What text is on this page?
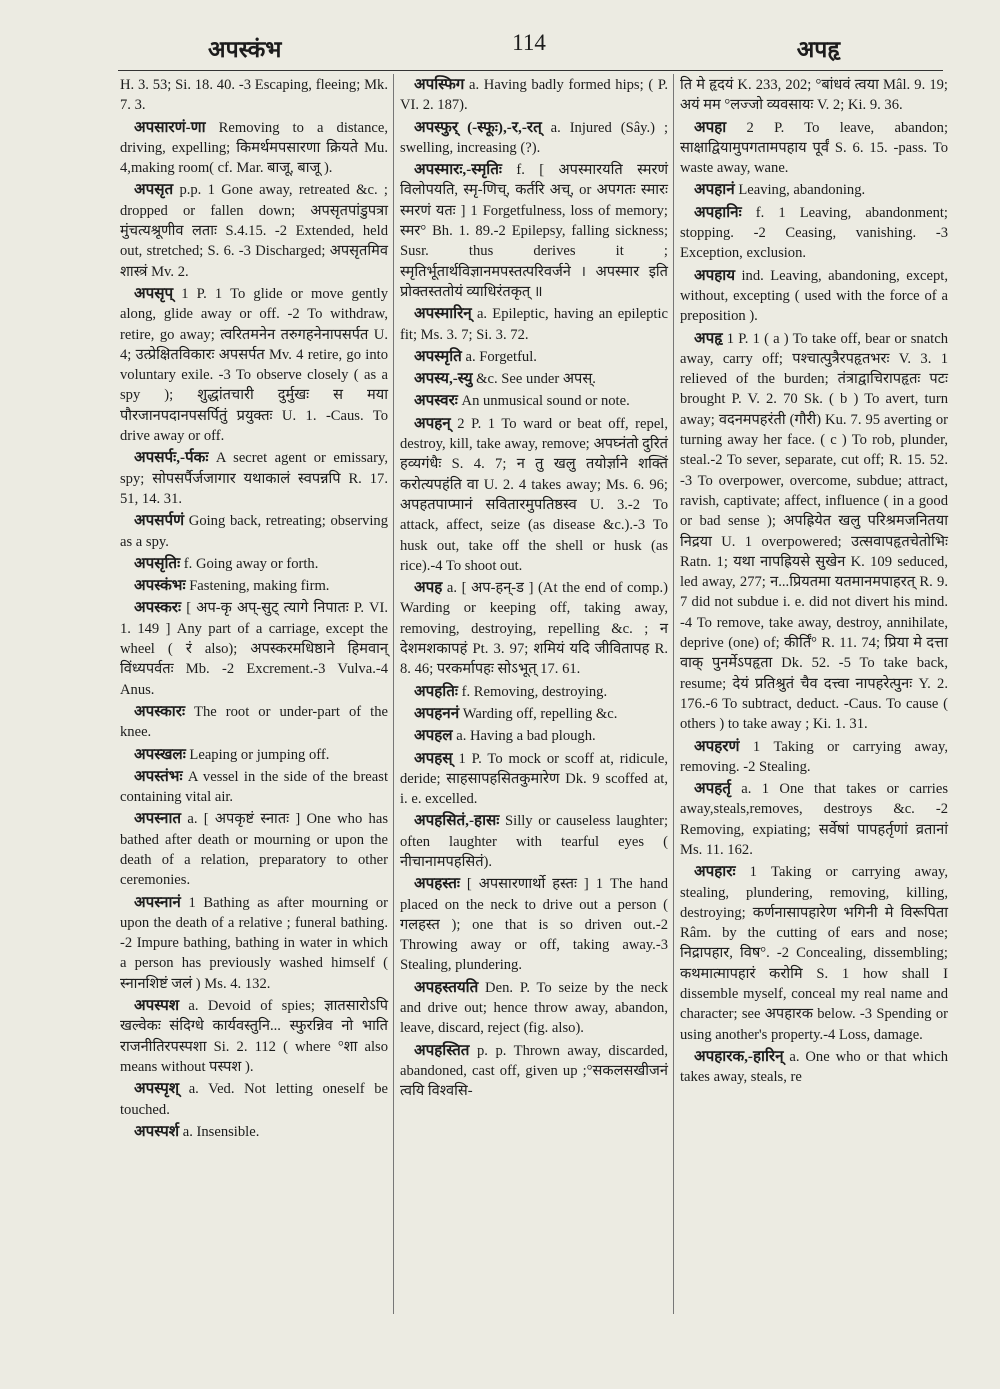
अपस्कंभ	114	अपहृ

H. 3. 53; Si. 18. 40. -3 Escaping, fleeing; Mk. 7. 3.

अपसारणं-णा Removing to a distance, driving, expelling; किमर्थमपसारणा क्रियते Mu. 4,making room( cf. Mar. बाजू, बाजू ).

अपसृत p.p. 1 Gone away, retreated &c. ; dropped or fallen down; अपसृतपांडुपत्रा मुंचत्यश्रूणीव लताः S.4.15. -2 Extended, held out, stretched; S. 6. -3 Discharged; अपसृतमिव शास्त्रं Mv. 2.

अपसृप् 1 P. 1 To glide or move gently along, glide away or off. -2 To withdraw, retire, go away; त्वरितमनेन तरुगहनेनापसर्पत U. 4; उत्प्रेक्षितविकारः अपसर्पत Mv. 4 retire, go into voluntary exile. -3 To observe closely ( as a spy ); शुद्धांतचारी दुर्मुखः स मया पौरजानपदानपसर्पितुं प्रयुक्तः U. 1. -Caus. To drive away or off.

अपसर्पः,-र्पकः A secret agent or emissary, spy; सोपसर्पैर्जजागार यथाकालं स्वपन्नपि R. 17. 51, 14. 31.

अपसर्पणं Going back, retreating; observing as a spy.

अपसृतिः f. Going away or forth.

अपस्कंभः Fastening, making firm.

अपस्करः [ अप-कृ अप्-सुट् त्यागे निपातः P. VI. 1. 149 ] Any part of a carriage, except the wheel ( रं also); अपस्करमधिष्ठाने हिमवान् विंध्यपर्वतः Mb. -2 Excrement.-3 Vulva.-4 Anus.

अपस्कारः The root or under-part of the knee.

अपस्खलः Leaping or jumping off.

अपस्तंभः A vessel in the side of the breast containing vital air.

अपस्नात a. [ अपकृष्टं स्नातः ] One who has bathed after death or mourning or upon the death of a relation, preparatory to other ceremonies.

अपस्नानं 1 Bathing as after mourning or upon the death of a relative ; funeral bathing. -2 Impure bathing, bathing in water in which a person has previously washed himself ( स्नानशिष्टं जलं ) Ms. 4. 132.

अपस्पश a. Devoid of spies; ज्ञातसारोऽपि खल्वेकः संदिग्धे कार्यवस्तुनि... स्फुरन्निव नो भाति राजनीतिरपस्पशा Si. 2. 112 ( where °शा also means without पस्पश ).

अपस्पृश् a. Ved. Not letting oneself be touched.

अपस्पर्श a. Insensible.

अपस्फिग a. Having badly formed hips; ( P. VI. 2. 187).

अपस्फुर् (-स्फूः),-र,-रत् a. Injured (Sây.) ; swelling, increasing (?).

अपस्मारः,-स्मृतिः f. [ अपस्मारयति स्मरणं विलोपयति, स्मृ-णिच्, कर्तरि अच्, or अपगतः स्मारः स्मरणं यतः ] 1 Forgetfulness, loss of memory; स्मर° Bh. 1. 89.-2 Epilepsy, falling sickness; Susr. thus derives it ; स्मृतिर्भूतार्थविज्ञानमपस्तत्परिवर्जने । अपस्मार इति प्रोक्तस्ततोयं व्याधिरंतकृत् ॥

अपस्मारिन् a. Epileptic, having an epileptic fit; Ms. 3. 7; Si. 3. 72.

अपस्मृति a. Forgetful.

अपस्य,-स्यु &c. See under अपस्.

अपस्वरः An unmusical sound or note.

अपहन् 2 P. 1 To ward or beat off, repel, destroy, kill, take away, remove; अपघ्नंतो दुरितं हव्यगंधैः S. 4. 7; न तु खलु तयोर्ज्ञाने शक्तिं करोत्यपहंति वा U. 2. 4 takes away; Ms. 6. 96; अपहतपाप्मानं सवितारमुपतिष्ठस्व U. 3.-2 To attack, affect, seize (as disease &c.).-3 To husk out, take off the shell or husk (as rice).-4 To shoot out.

अपह a. [ अप-हन्-ड ] (At the end of comp.) Warding or keeping off, taking away, removing, destroying, repelling &c. ; न देशमशकापहं Pt. 3. 97; शमियं यदि जीवितापह R. 8. 46; परकर्मापहः सोऽभूत् 17. 61.

अपहतिः f. Removing, destroying.

अपहननं Warding off, repelling &c.

अपहल a. Having a bad plough.

अपहस् 1 P. To mock or scoff at, ridicule, deride; साहसापहसितकुमारेण Dk. 9 scoffed at, i. e. excelled.

अपहसितं,-हासः Silly or causeless laughter; often laughter with tearful eyes ( नीचानामपहसितं).

अपहस्तः [ अपसारणार्थो हस्तः ] 1 The hand placed on the neck to drive out a person ( गलहस्त ); one that is so driven out.-2 Throwing away or off, taking away.-3 Stealing, plundering.

अपहस्तयति Den. P. To seize by the neck and drive out; hence throw away, abandon, leave, discard, reject (fig. also).

अपहस्तित p. p. Thrown away, discarded, abandoned, cast off, given up ;°सकलसखीजनं त्वयि विश्वसि-

ति मे हृदयं K. 233, 202; °बांधवं त्वया Mâl. 9. 19; अयं मम °लज्जो व्यवसायः V. 2; Ki. 9. 36.

अपहा 2 P. To leave, abandon; साक्षाद्वियामुपगतामपहाय पूर्वं S. 6. 15. -pass. To waste away, wane.

अपहानं Leaving, abandoning.

अपहानिः f. 1 Leaving, abandonment; stopping. -2 Ceasing, vanishing. -3 Exception, exclusion.

अपहाय ind. Leaving, abandoning, except, without, excepting ( used with the force of a preposition ).

अपहृ 1 P. 1 ( a ) To take off, bear or snatch away, carry off; पश्चात्पुत्रैरपहृतभरः V. 3. 1 relieved of the burden; तंत्राद्वाचिरापहृतः पटः brought P. V. 2. 70 Sk. ( b ) To avert, turn away; वदनमपहरंती (गौरी) Ku. 7. 95 averting or turning away her face. ( c ) To rob, plunder, steal.-2 To sever, separate, cut off; R. 15. 52. -3 To overpower, overcome, subdue; attract, ravish, captivate; affect, influence ( in a good or bad sense ); अपह्रियेत खलु परिश्रमजनितया निद्रया U. 1 overpowered; उत्सवापहृतचेतोभिः Ratn. 1; यथा नापह्रियसे सुखेन K. 109 seduced, led away, 277; न...प्रियतमा यतमानमपाहरत् R. 9. 7 did not subdue i. e. did not divert his mind. -4 To remove, take away, destroy, annihilate, deprive (one) of; कीर्तिं° R. 11. 74; प्रिया मे दत्ता वाक् पुनर्मेऽपहृता Dk. 52. -5 To take back, resume; देयं प्रतिश्रुतं चैव दत्त्वा नापहरेत्पुनः Y. 2. 176.-6 To subtract, deduct. -Caus. To cause ( others ) to take away ; Ki. 1. 31.

अपहरणं 1 Taking or carrying away, removing. -2 Stealing.

अपहर्तृ a. 1 One that takes or carries away,steals,removes, destroys &c. -2 Removing, expiating; सर्वेषां पापहर्तृणां व्रतानां Ms. 11. 162.

अपहारः 1 Taking or carrying away, stealing, plundering, removing, killing, destroying; कर्णनासापहारेण भगिनी मे विरूपिता Râm. by the cutting of ears and nose; निद्रापहार, विष°. -2 Concealing, dissembling; कथमात्मापहारं करोमि S. 1 how shall I dissemble myself, conceal my real name and character; see अपहारक below. -3 Spending or using another's property.-4 Loss, damage.

अपहारक,-हारिन् a. One who or that which takes away, steals, re
